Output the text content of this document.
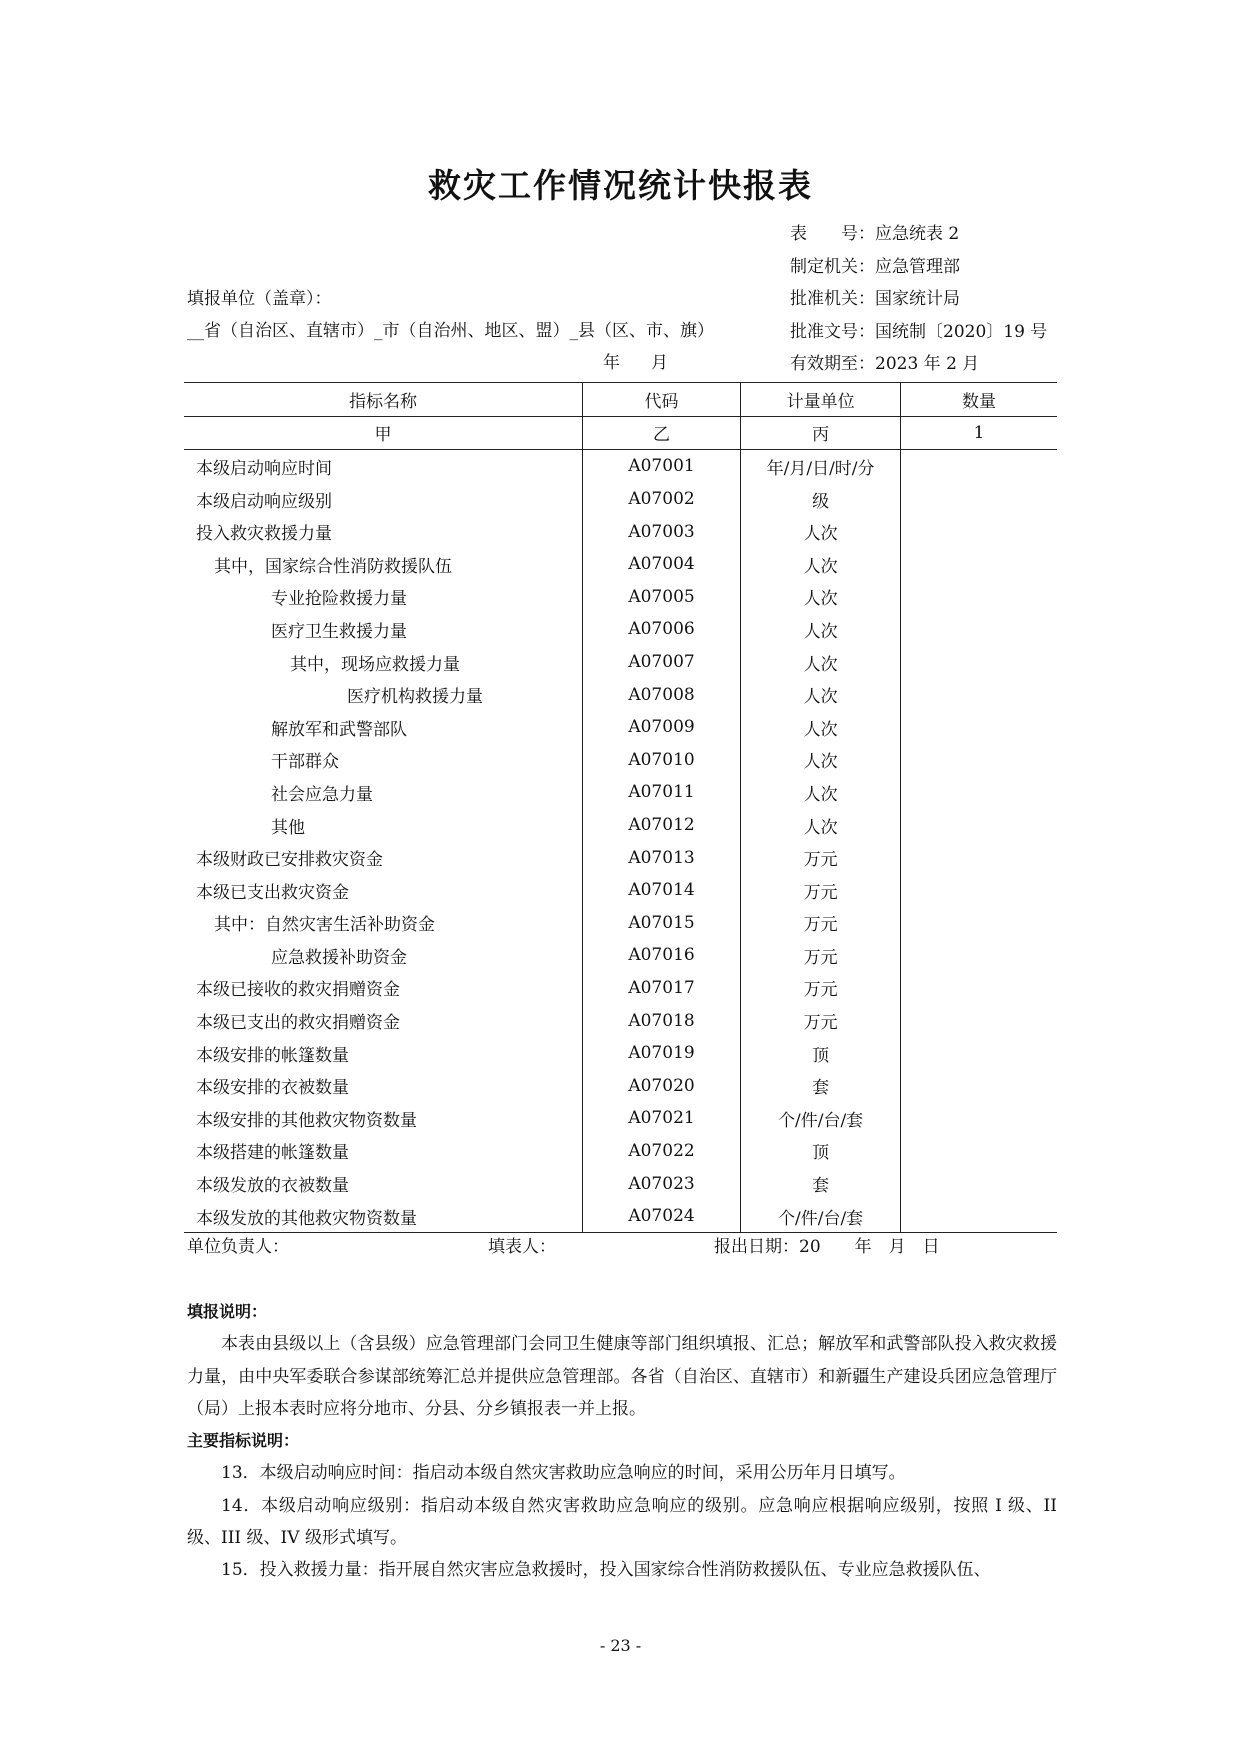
救灾工作情况统计快报表
表　　号：应急统表 2
制定机关：应急管理部
批准机关：国家统计局
批准文号：国统制〔2020〕19 号
有效期至：2023 年 2 月
填报单位（盖章）：
__省（自治区、直辖市）_市（自治州、地区、盟）_县（区、市、旗）
年 月
指标名称	代码	计量单位	数量
甲	乙	丙	1
本级启动响应时间	A07001	年/月/日/时/分	
本级启动响应级别	A07002	级	
投入救灾救援力量	A07003	人次	
其中，国家综合性消防救援队伍	A07004	人次	
专业抢险救援力量	A07005	人次	
医疗卫生救援力量	A07006	人次	
其中，现场应救援力量	A07007	人次	
医疗机构救援力量	A07008	人次	
解放军和武警部队	A07009	人次	
干部群众	A07010	人次	
社会应急力量	A07011	人次	
其他	A07012	人次	
本级财政已安排救灾资金	A07013	万元	
本级已支出救灾资金	A07014	万元	
其中：自然灾害生活补助资金	A07015	万元	
应急救援补助资金	A07016	万元	
本级已接收的救灾捐赠资金	A07017	万元	
本级已支出的救灾捐赠资金	A07018	万元	
本级安排的帐篷数量	A07019	顶	
本级安排的衣被数量	A07020	套	
本级安排的其他救灾物资数量	A07021	个/件/台/套	
本级搭建的帐篷数量	A07022	顶	
本级发放的衣被数量	A07023	套	
本级发放的其他救灾物资数量	A07024	个/件/台/套	
单位负责人：	填表人：	报出日期：20　　年　月　日
填报说明：

本表由县级以上（含县级）应急管理部门会同卫生健康等部门组织填报、汇总；解放军和武警部队投入救灾救援力量，由中央军委联合参谋部统筹汇总并提供应急管理部。各省（自治区、直辖市）和新疆生产建设兵团应急管理厅（局）上报本表时应将分地市、分县、分乡镇报表一并上报。

主要指标说明：

13．本级启动响应时间：指启动本级自然灾害救助应急响应的时间，采用公历年月日填写。

14．本级启动响应级别：指启动本级自然灾害救助应急响应的级别。应急响应根据响应级别，按照 I 级、II 级、III 级、IV 级形式填写。

15．投入救援力量：指开展自然灾害应急救援时，投入国家综合性消防救援队伍、专业应急救援队伍、

- 23 -
